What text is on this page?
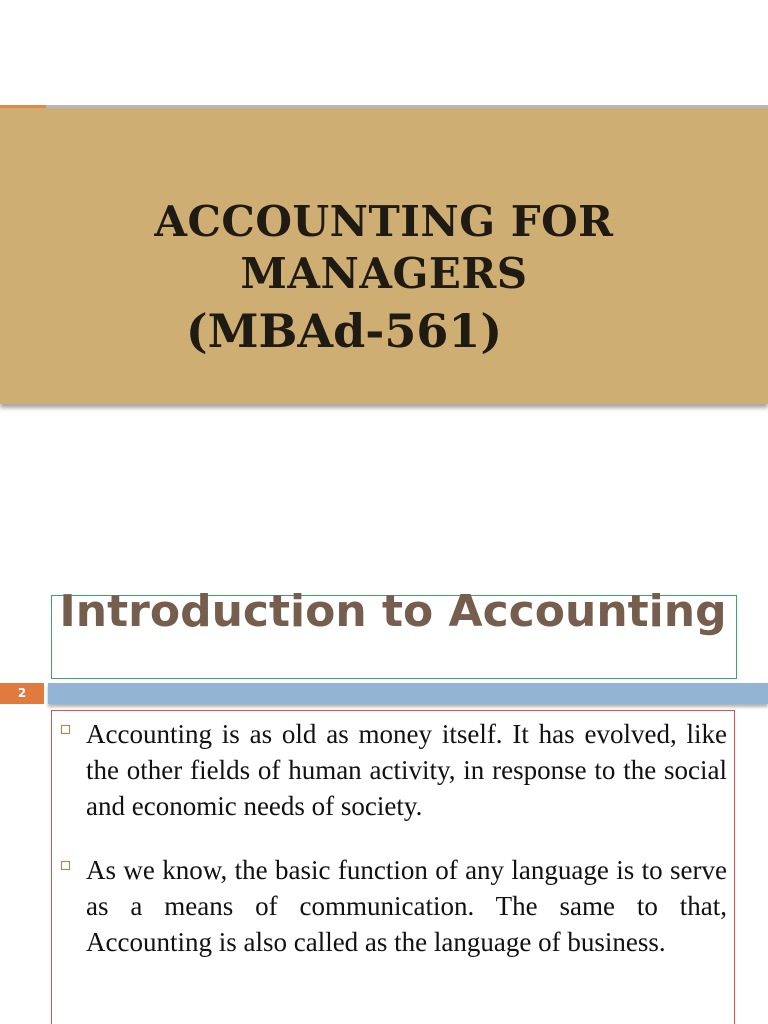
ACCOUNTING FOR
MANAGERS
(MBAd-561)
Introduction to Accounting
2
Accounting is as old as money itself. It has evolved, like the other fields of human activity, in response to the social and economic needs of society.
As we know, the basic function of any language is to serve as a means of communication. The same to that, Accounting is also called as the language of business.
